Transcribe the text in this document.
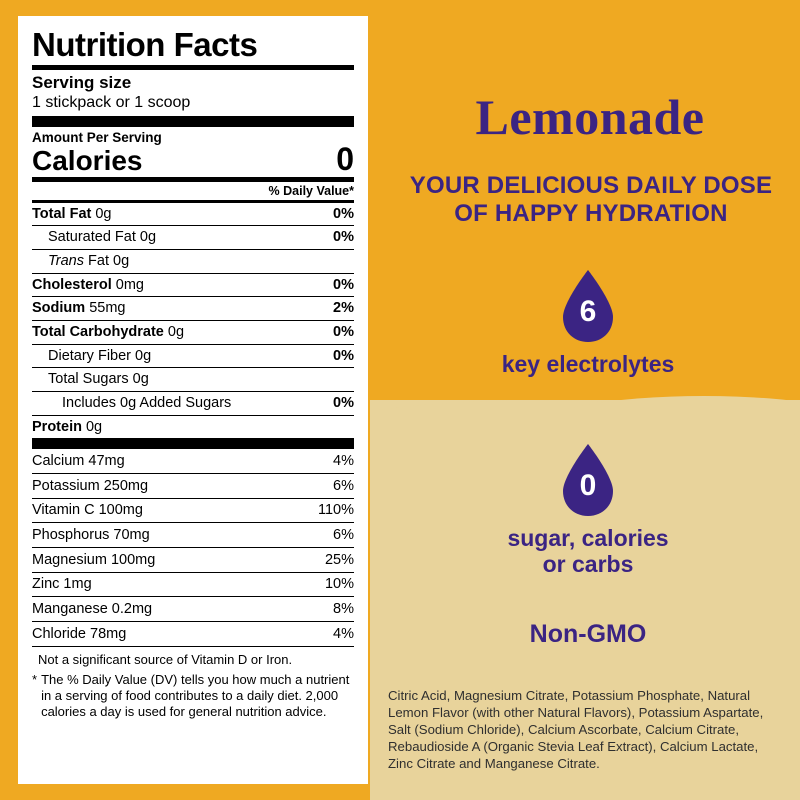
Nutrition Facts
Serving size
1 stickpack or 1 scoop
Amount Per Serving
Calories	0
% Daily Value*
Total Fat 0g	0%
Saturated Fat 0g	0%
Trans Fat 0g
Cholesterol 0mg	0%
Sodium 55mg	2%
Total Carbohydrate 0g	0%
Dietary Fiber 0g	0%
Total Sugars 0g
Includes 0g Added Sugars	0%
Protein 0g
Calcium 47mg	4%
Potassium 250mg	6%
Vitamin C 100mg	110%
Phosphorus 70mg	6%
Magnesium 100mg	25%
Zinc 1mg	10%
Manganese 0.2mg	8%
Chloride 78mg	4%
Not a significant source of Vitamin D or Iron.
* The % Daily Value (DV) tells you how much a nutrient in a serving of food contributes to a daily diet. 2,000 calories a day is used for general nutrition advice.
Lemonade
YOUR DELICIOUS DAILY DOSE
OF HAPPY HYDRATION
6
key electrolytes
0
sugar, calories
or carbs
Non-GMO
Citric Acid, Magnesium Citrate, Potassium Phosphate, Natural Lemon Flavor (with other Natural Flavors), Potassium Aspartate, Salt (Sodium Chloride), Calcium Ascorbate, Calcium Citrate, Rebaudioside A (Organic Stevia Leaf Extract), Calcium Lactate, Zinc Citrate and Manganese Citrate.
